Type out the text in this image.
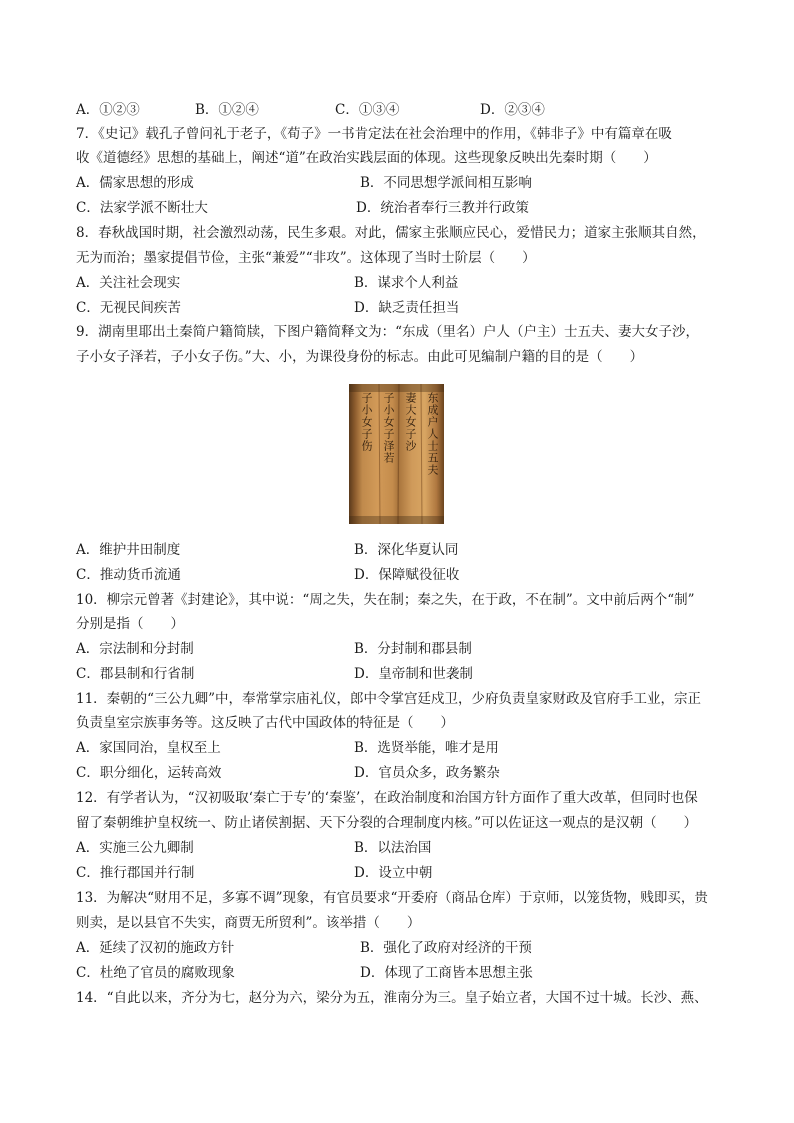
A．①②③	B．①②④	C．①③④	D．②③④
7．《史记》载孔子曾问礼于老子，《荀子》一书肯定法在社会治理中的作用，《韩非子》中有篇章在吸
收《道德经》思想的基础上，阐述“道”在政治实践层面的体现。这些现象反映出先秦时期（　　）
A．儒家思想的形成	B．不同思想学派间相互影响
C．法家学派不断壮大	D．统治者奉行三教并行政策
8．春秋战国时期，社会激烈动荡，民生多艰。对此，儒家主张顺应民心，爱惜民力；道家主张顺其自然，
无为而治；墨家提倡节俭，主张“兼爱”“非攻”。这体现了当时士阶层（　　）
A．关注社会现实	B．谋求个人利益
C．无视民间疾苦	D．缺乏责任担当
9．湖南里耶出土秦简户籍简牍，下图户籍简释文为：“东成（里名）户人（户主）士五夫、妻大女子沙，
子小女子泽若，子小女子伤。”大、小，为课役身份的标志。由此可见编制户籍的目的是（　　）
东成户人士五夫
妻大女子沙
子小女子泽若
子小女子伤
A．维护井田制度	B．深化华夏认同
C．推动货币流通	D．保障赋役征收
10．柳宗元曾著《封建论》，其中说：“周之失，失在制；秦之失，在于政，不在制”。文中前后两个“制”
分别是指（　　）
A．宗法制和分封制	B．分封制和郡县制
C．郡县制和行省制	D．皇帝制和世袭制
11．秦朝的“三公九卿”中，奉常掌宗庙礼仪，郎中令掌宫廷戍卫，少府负责皇家财政及官府手工业，宗正
负责皇室宗族事务等。这反映了古代中国政体的特征是（　　）
A．家国同治，皇权至上	B．选贤举能，唯才是用
C．职分细化，运转高效	D．官员众多，政务繁杂
12．有学者认为，“汉初吸取‘秦亡于专’的‘秦鉴’，在政治制度和治国方针方面作了重大改革，但同时也保
留了秦朝维护皇权统一、防止诸侯割据、天下分裂的合理制度内核。”可以佐证这一观点的是汉朝（　　）
A．实施三公九卿制	B．以法治国
C．推行郡国并行制	D．设立中朝
13．为解决“财用不足，多寡不调”现象，有官员要求“开委府（商品仓库）于京师，以笼货物，贱即买，贵
则卖，是以县官不失实，商贾无所贸利”。该举措（　　）
A．延续了汉初的施政方针	B．强化了政府对经济的干预
C．杜绝了官员的腐败现象	D．体现了工商皆本思想主张
14．“自此以来，齐分为七，赵分为六，梁分为五，淮南分为三。皇子始立者，大国不过十城。长沙、燕、
